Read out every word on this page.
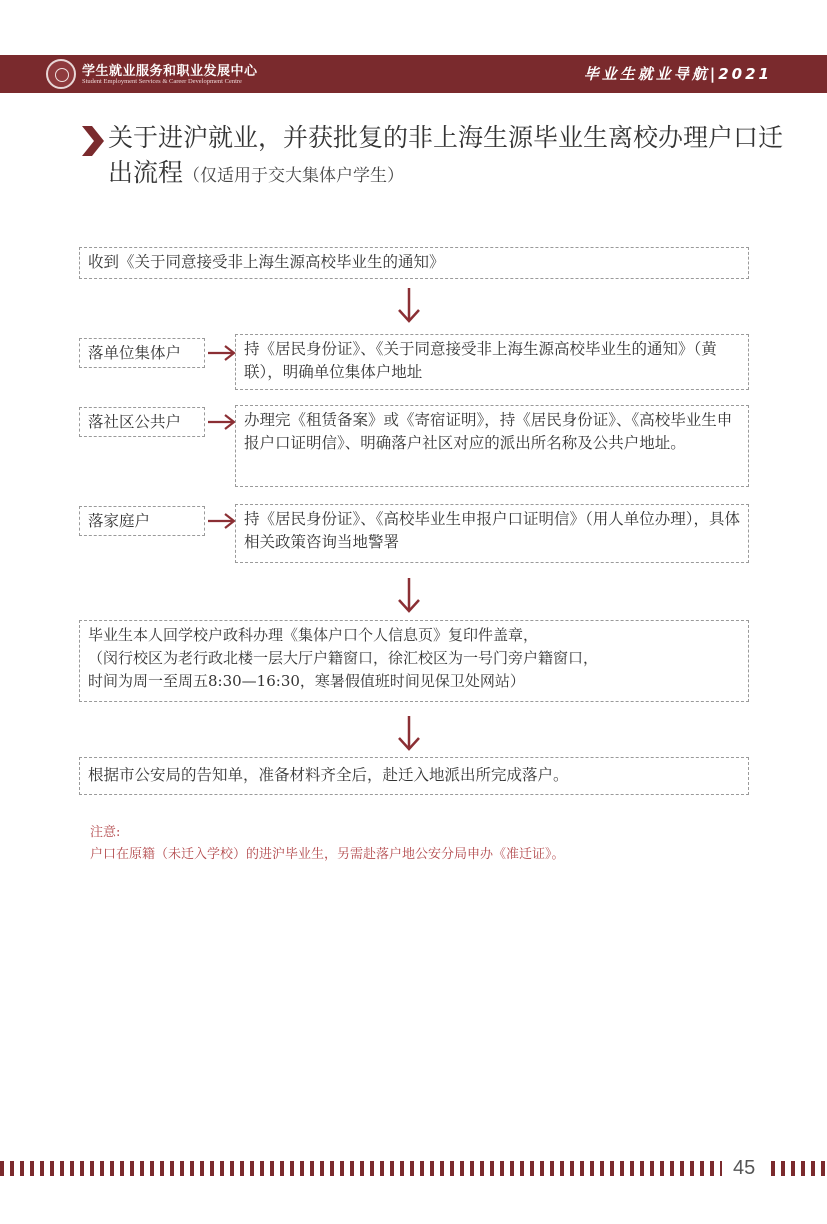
学生就业服务和职业发展中心
Student Employment Services & Career Development Centre	毕业生就业导航|2021
关于进沪就业，并获批复的非上海生源毕业生离校办理户口迁出流程（仅适用于交大集体户学生）
收到《关于同意接受非上海生源高校毕业生的通知》
落单位集体户	持《居民身份证》、《关于同意接受非上海生源高校毕业生的通知》（黄联），明确单位集体户地址
落社区公共户	办理完《租赁备案》或《寄宿证明》，持《居民身份证》、《高校毕业生申报户口证明信》、明确落户社区对应的派出所名称及公共户地址。
落家庭户	持《居民身份证》、《高校毕业生申报户口证明信》（用人单位办理），具体相关政策咨询当地警署
毕业生本人回学校户政科办理《集体户口个人信息页》复印件盖章，
（闵行校区为老行政北楼一层大厅户籍窗口，徐汇校区为一号门旁户籍窗口，
时间为周一至周五8:30—16:30，寒暑假值班时间见保卫处网站）
根据市公安局的告知单，准备材料齐全后，赴迁入地派出所完成落户。
注意:
户口在原籍（未迁入学校）的进沪毕业生，另需赴落户地公安分局申办《准迁证》。
45
